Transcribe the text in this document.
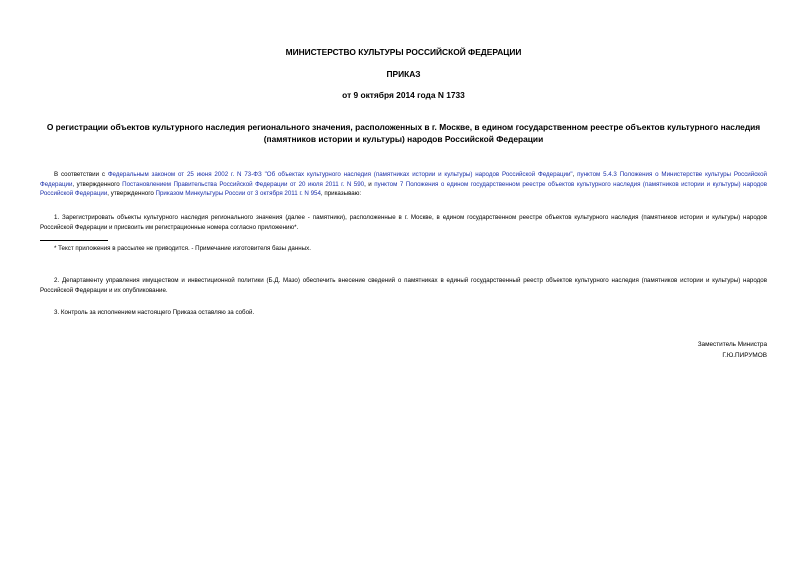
МИНИСТЕРСТВО КУЛЬТУРЫ РОССИЙСКОЙ ФЕДЕРАЦИИ
ПРИКАЗ
от 9 октября 2014 года N 1733
О регистрации объектов культурного наследия регионального значения, расположенных в г. Москве, в едином государственном реестре объектов культурного наследия (памятников истории и культуры) народов Российской Федерации
В соответствии с Федеральным законом от 25 июня 2002 г. N 73-ФЗ "Об объектах культурного наследия (памятниках истории и культуры) народов Российской Федерации", пунктом 5.4.3 Положения о Министерстве культуры Российской Федерации, утвержденного Постановлением Правительства Российской Федерации от 20 июля 2011 г. N 590, и пунктом 7 Положения о едином государственном реестре объектов культурного наследия (памятников истории и культуры) народов Российской Федерации, утвержденного Приказом Минкультуры России от 3 октября 2011 г. N 954, приказываю:
1. Зарегистрировать объекты культурного наследия регионального значения (далее - памятники), расположенные в г. Москве, в едином государственном реестре объектов культурного наследия (памятников истории и культуры) народов Российской Федерации и присвоить им регистрационные номера согласно приложению*.
* Текст приложения в рассылке не приводится. - Примечание изготовителя базы данных.
2. Департаменту управления имуществом и инвестиционной политики (Б.Д. Мазо) обеспечить внесение сведений о памятниках в единый государственный реестр объектов культурного наследия (памятников истории и культуры) народов Российской Федерации и их опубликование.
3. Контроль за исполнением настоящего Приказа оставляю за собой.
Заместитель Министра
Г.Ю.ПИРУМОВ
